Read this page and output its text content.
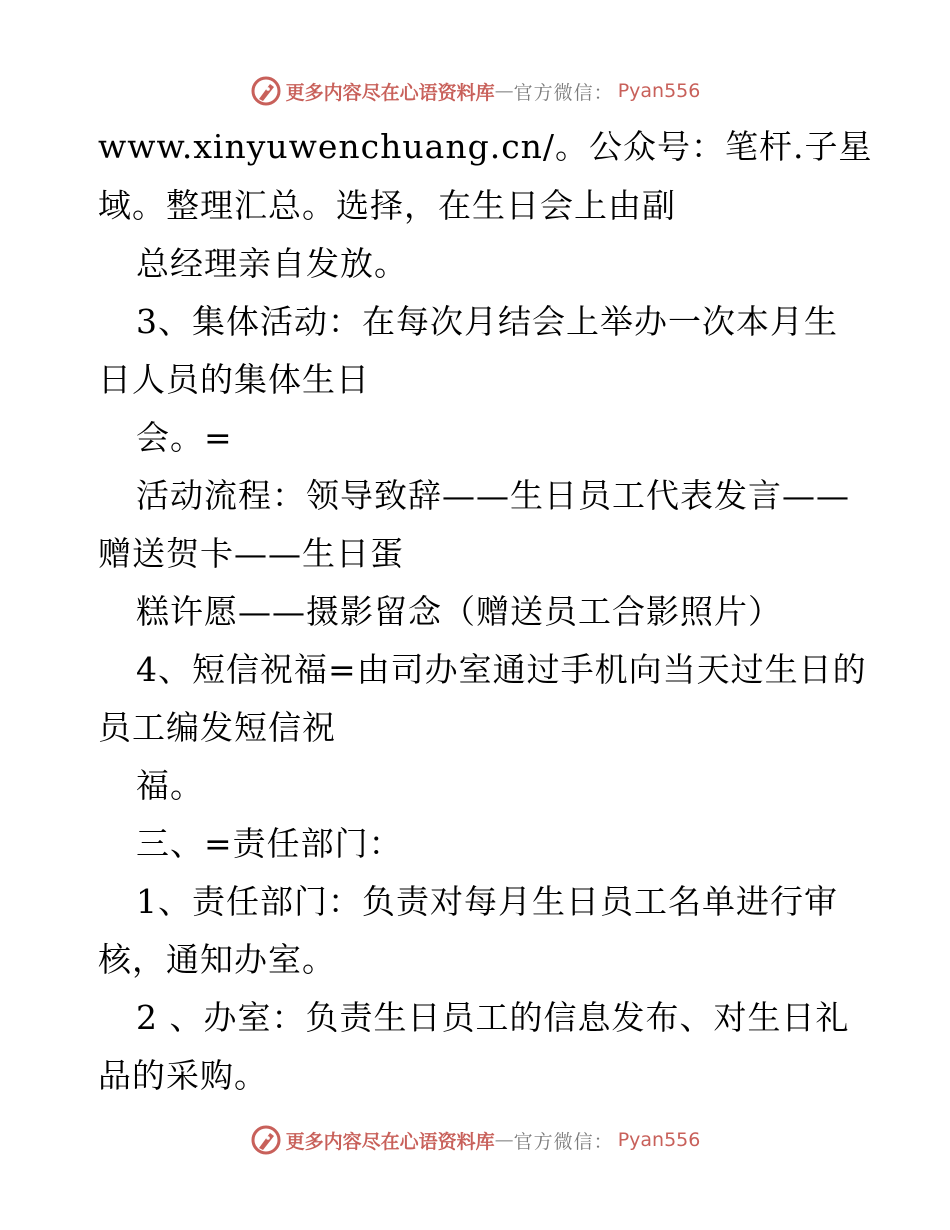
更多内容尽在心语资料库 — 官方微信： Pyan556
www.xinyuwenchuang.cn/。公众号：笔杆.子星
域。整理汇总。选择，在生日会上由副
总经理亲自发放。
3、集体活动：在每次月结会上举办一次本月生
日人员的集体生日
会。=
活动流程：领导致辞——生日员工代表发言——
赠送贺卡——生日蛋
糕许愿——摄影留念（赠送员工合影照片）
4、短信祝福=由司办室通过手机向当天过生日的
员工编发短信祝
福。
三、=责任部门：
1、责任部门：负责对每月生日员工名单进行审
核，通知办室。
2 、办室：负责生日员工的信息发布、对生日礼
品的采购。
更多内容尽在心语资料库 — 官方微信： Pyan556
